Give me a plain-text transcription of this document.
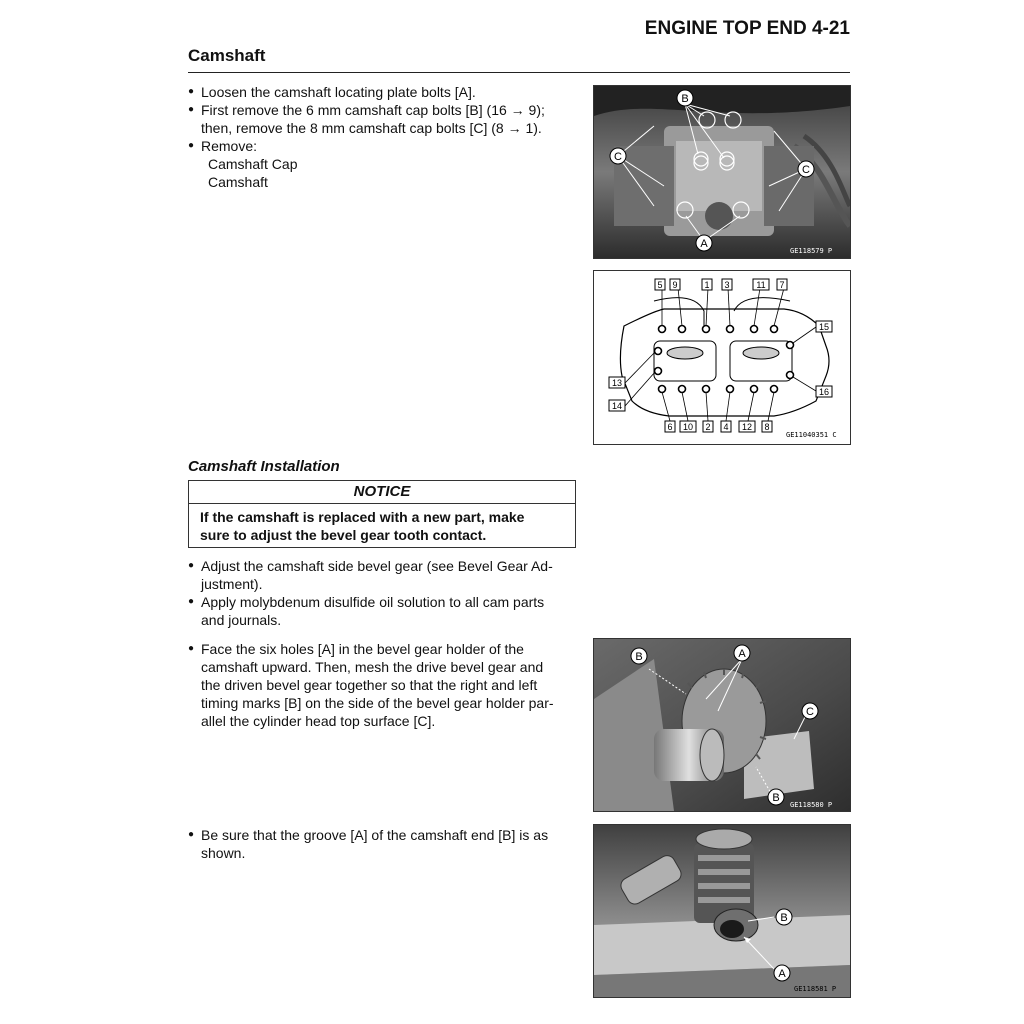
ENGINE TOP END 4-21
Camshaft
● Loosen the camshaft locating plate bolts [A].
● First remove the 6 mm camshaft cap bolts [B] (16 → 9);
then, remove the 8 mm camshaft cap bolts [C] (8 → 1).
● Remove:
Camshaft Cap
Camshaft
Camshaft Installation
NOTICE
If the camshaft is replaced with a new part, make
sure to adjust the bevel gear tooth contact.
● Adjust the camshaft side bevel gear (see Bevel Gear Ad-
justment).
● Apply molybdenum disulfide oil solution to all cam parts
and journals.
● Face the six holes [A] in the bevel gear holder of the
camshaft upward. Then, mesh the drive bevel gear and
the driven bevel gear together so that the right and left
timing marks [B] on the side of the bevel gear holder par-
allel the cylinder head top surface [C].
● Be sure that the groove [A] of the camshaft end [B] is as
shown.
B
C
C
A
GE118579 P
5 9	1 3	11 7
6 10 2 4 12 8
15
16
13
14
GE11040351 C
B	A
C
B
GE118580 P
B
A
GE118581 P
